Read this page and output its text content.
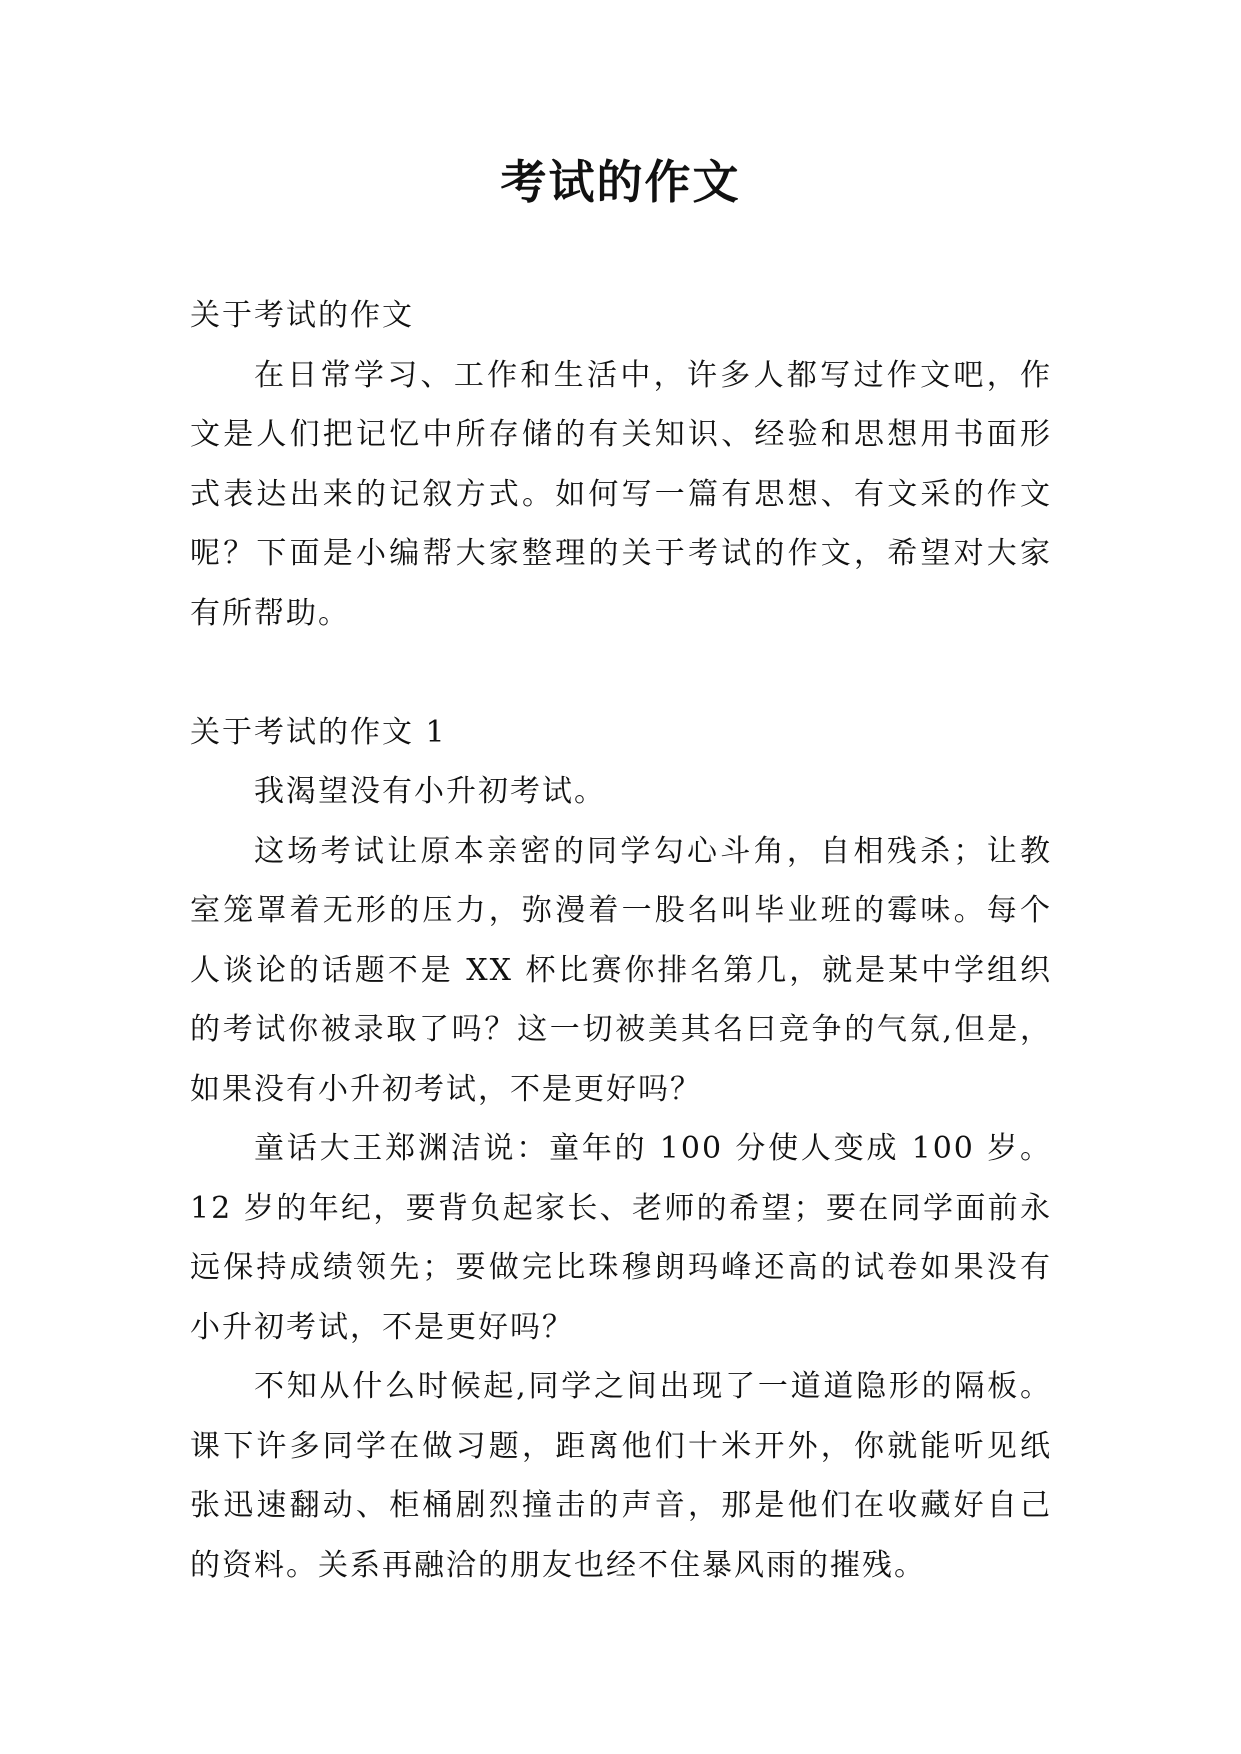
考试的作文

关于考试的作文

在日常学习、工作和生活中，许多人都写过作文吧，作文是人们把记忆中所存储的有关知识、经验和思想用书面形式表达出来的记叙方式。如何写一篇有思想、有文采的作文呢？下面是小编帮大家整理的关于考试的作文，希望对大家有所帮助。

关于考试的作文 1

我渴望没有小升初考试。

这场考试让原本亲密的同学勾心斗角，自相残杀；让教室笼罩着无形的压力，弥漫着一股名叫毕业班的霉味。每个人谈论的话题不是 XX 杯比赛你排名第几，就是某中学组织的考试你被录取了吗？这一切被美其名曰竞争的气氛,但是，如果没有小升初考试，不是更好吗？

童话大王郑渊洁说：童年的 100 分使人变成 100 岁。12 岁的年纪，要背负起家长、老师的希望；要在同学面前永远保持成绩领先；要做完比珠穆朗玛峰还高的试卷如果没有小升初考试，不是更好吗？

不知从什么时候起,同学之间出现了一道道隐形的隔板。课下许多同学在做习题，距离他们十米开外，你就能听见纸张迅速翻动、柜桶剧烈撞击的声音，那是他们在收藏好自己的资料。关系再融洽的朋友也经不住暴风雨的摧残。
